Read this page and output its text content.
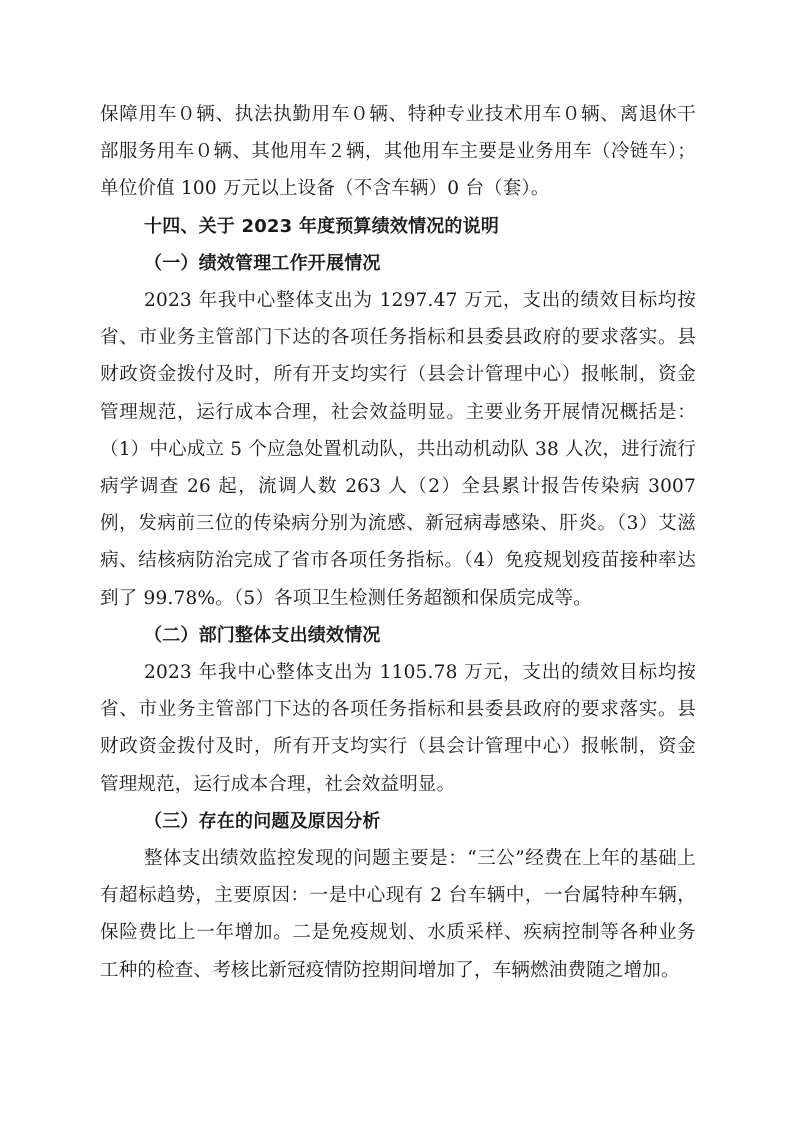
保障用车０辆、执法执勤用车０辆、特种专业技术用车０辆、离退休干部服务用车０辆、其他用车２辆，其他用车主要是业务用车（冷链车）；单位价值 100 万元以上设备（不含车辆）0 台（套）。

十四、关于 2023 年度预算绩效情况的说明

（一）绩效管理工作开展情况

2023 年我中心整体支出为 1297.47 万元，支出的绩效目标均按省、市业务主管部门下达的各项任务指标和县委县政府的要求落实。县财政资金拨付及时，所有开支均实行（县会计管理中心）报帐制，资金管理规范，运行成本合理，社会效益明显。主要业务开展情况概括是：（1）中心成立 5 个应急处置机动队，共出动机动队 38 人次，进行流行病学调查 26 起，流调人数 263 人（2）全县累计报告传染病 3007 例，发病前三位的传染病分别为流感、新冠病毒感染、肝炎。（3）艾滋病、结核病防治完成了省市各项任务指标。（4）免疫规划疫苗接种率达到了 99.78%。（5）各项卫生检测任务超额和保质完成等。

（二）部门整体支出绩效情况

2023 年我中心整体支出为 1105.78 万元，支出的绩效目标均按省、市业务主管部门下达的各项任务指标和县委县政府的要求落实。县财政资金拨付及时，所有开支均实行（县会计管理中心）报帐制，资金管理规范，运行成本合理，社会效益明显。

（三）存在的问题及原因分析

整体支出绩效监控发现的问题主要是：“三公”经费在上年的基础上有超标趋势，主要原因：一是中心现有 2 台车辆中，一台属特种车辆，保险费比上一年增加。二是免疫规划、水质采样、疾病控制等各种业务工种的检查、考核比新冠疫情防控期间增加了，车辆燃油费随之增加。
